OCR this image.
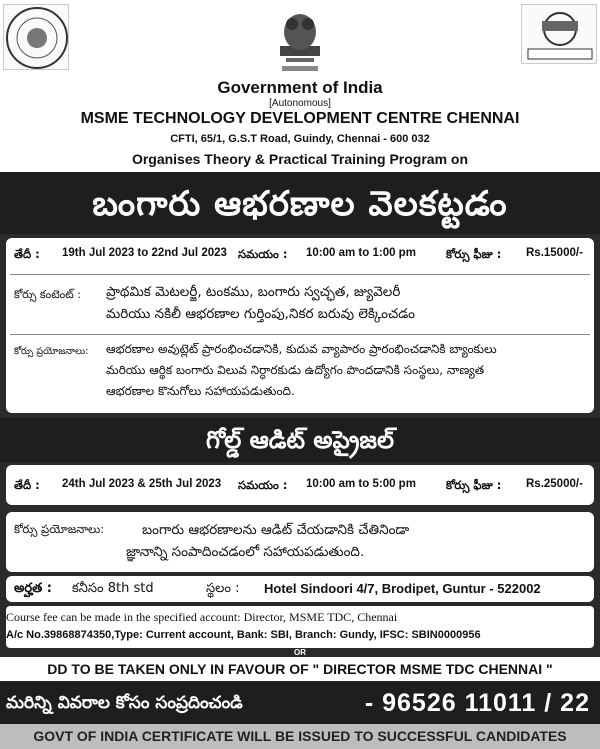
Government of India
[Autonomous]
MSME TECHNOLOGY DEVELOPMENT CENTRE CHENNAI
CFTI, 65/1, G.S.T Road, Guindy, Chennai - 600 032
Organises Theory & Practical Training Program on
బంగారు ఆభరణాల వెలకట్టడం
తేదీ : 19th Jul 2023 to 22nd Jul 2023 సమయం : 10:00 am to 1:00 pm	కోర్సు ఫీజు : Rs.15000/-
కోర్సు కంటెంట్ : ప్రాథమిక మెటలర్జీ, టంకము, బంగారు స్వచ్ఛత, జ్యువెలరీ
మరియు నకిలీ ఆభరణాల గుర్తింపు,నికర బరువు లెక్కించడం
కోర్సు ప్రయోజనాలు: ఆభరణాల అవుట్లెట్ ప్రారంభించడానికి, కుదువ వ్యాపారం ప్రారంభించడానికి బ్యాంకులు
మరియు ఆర్థిక బంగారు విలువ నిర్ధారకుడు ఉద్యోగం పొందడానికి సంస్థలు, నాణ్యత
ఆభరణాల కొనుగోలు సహాయపడుతుంది.
గోల్డ్ ఆడిట్ అప్రైజల్
తేదీ : 24th Jul 2023 & 25th Jul 2023 సమయం : 10:00 am to 5:00 pm	కోర్సు ఫీజు : Rs.25000/-
కోర్సు ప్రయోజనాలు:	బంగారు ఆభరణాలను ఆడిట్ చేయడానికి చేతినిండా
జ్ఞానాన్ని సంపాదించడంలో సహాయపడుతుంది.
అర్హత : కనీసం 8th std	స్థలం : Hotel Sindoori 4/7, Brodipet, Guntur - 522002
Course fee can be made in the specified account: Director, MSME TDC, Chennai
A/c No.39868874350,Type: Current account, Bank: SBI, Branch: Gundy, IFSC: SBIN0000956
OR
DD TO BE TAKEN ONLY IN FAVOUR OF " DIRECTOR MSME TDC CHENNAI "
మరిన్ని వివరాల కోసం సంప్రదించండి	- 96526 11011 / 22
GOVT OF INDIA CERTIFICATE WILL BE ISSUED TO SUCCESSFUL CANDIDATES
